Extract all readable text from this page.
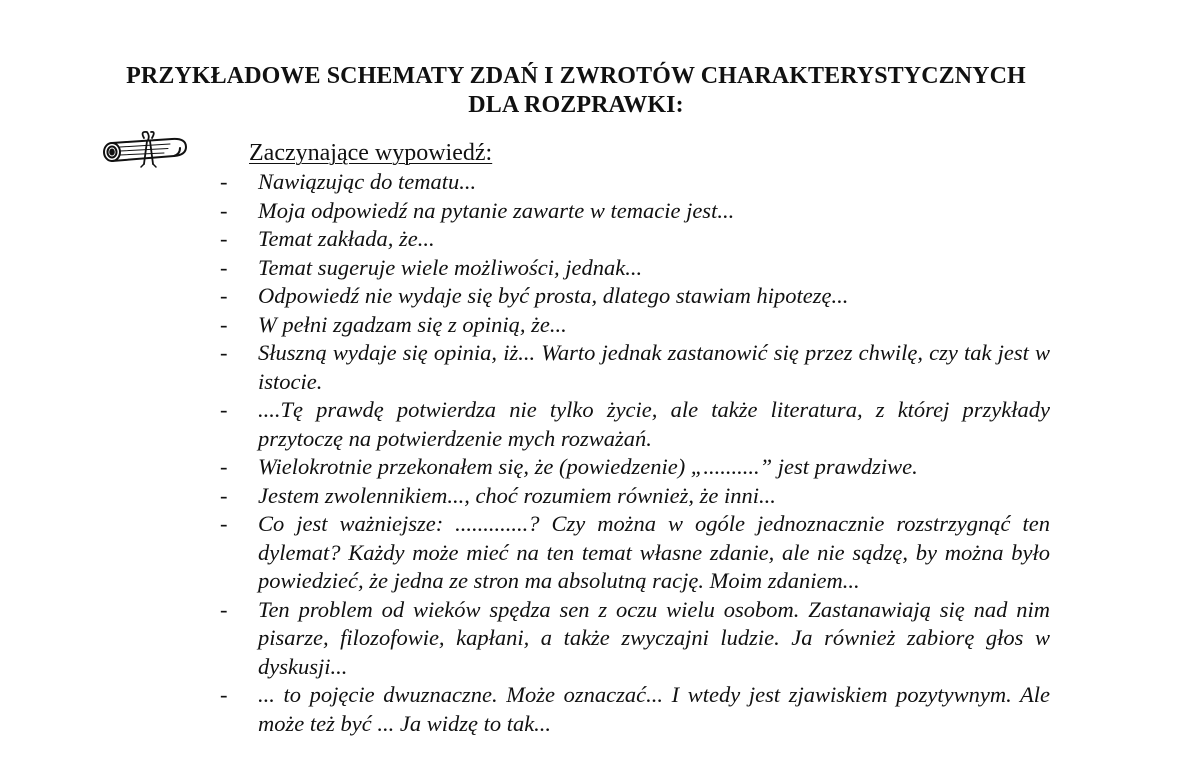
PRZYKŁADOWE SCHEMATY ZDAŃ I ZWROTÓW CHARAKTERYSTYCZNYCH
DLA ROZPRAWKI:
Zaczynające wypowiedź:
- Nawiązując do tematu...
- Moja odpowiedź na pytanie zawarte w temacie jest...
- Temat zakłada, że...
- Temat sugeruje wiele możliwości, jednak...
- Odpowiedź nie wydaje się być prosta, dlatego stawiam hipotezę...
- W pełni zgadzam się z opinią, że...
- Słuszną wydaje się opinia, iż... Warto jednak zastanowić się przez chwilę, czy tak jest w istocie.
- ....Tę prawdę potwierdza nie tylko życie, ale także literatura, z której przykłady przytoczę na potwierdzenie mych rozważań.
- Wielokrotnie przekonałem się, że (powiedzenie) „..........” jest prawdziwe.
- Jestem zwolennikiem..., choć rozumiem również, że inni...
- Co jest ważniejsze: .............? Czy można w ogóle jednoznacznie rozstrzygnąć ten dylemat? Każdy może mieć na ten temat własne zdanie, ale nie sądzę, by można było powiedzieć, że jedna ze stron ma absolutną rację. Moim zdaniem...
- Ten problem od wieków spędza sen z oczu wielu osobom. Zastanawiają się nad nim pisarze, filozofowie, kapłani, a także zwyczajni ludzie. Ja również zabiorę głos w dyskusji...
- ... to pojęcie dwuznaczne. Może oznaczać... I wtedy jest zjawiskiem pozytywnym. Ale może też być ... Ja widzę to tak...
